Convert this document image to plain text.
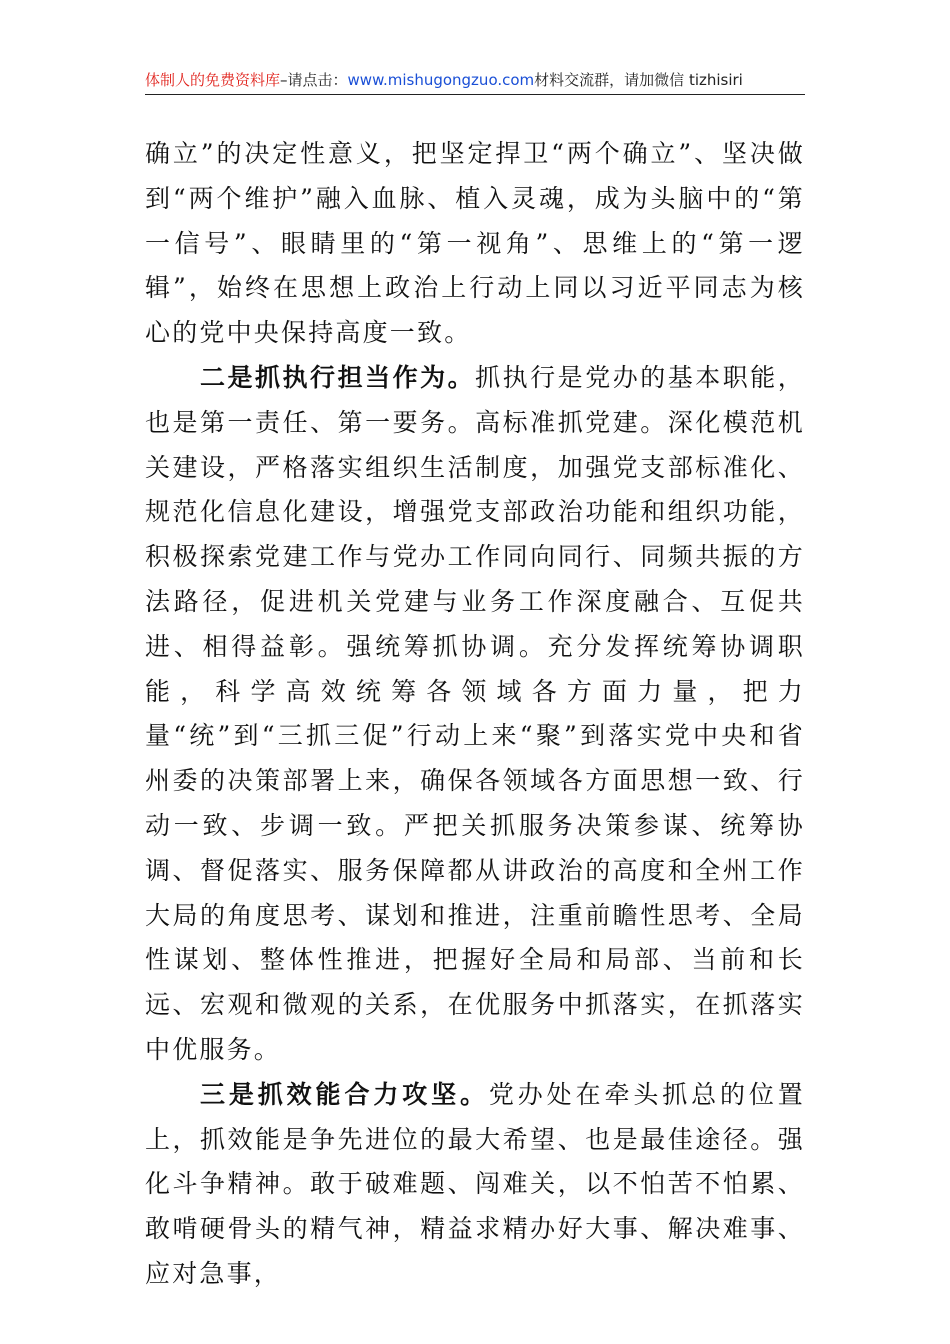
体制人的免费资料库–请点击：www.mishugongzuo.com材料交流群，请加微信 tizhisiri

确立”的决定性意义，把坚定捍卫“两个确立”、坚决做到“两个维护”融入血脉、植入灵魂，成为头脑中的“第一信号”、眼睛里的“第一视角”、思维上的“第一逻辑”，始终在思想上政治上行动上同以习近平同志为核心的党中央保持高度一致。

二是抓执行担当作为。抓执行是党办的基本职能，也是第一责任、第一要务。高标准抓党建。深化模范机关建设，严格落实组织生活制度，加强党支部标准化、规范化信息化建设，增强党支部政治功能和组织功能，积极探索党建工作与党办工作同向同行、同频共振的方法路径，促进机关党建与业务工作深度融合、互促共进、相得益彰。强统筹抓协调。充分发挥统筹协调职能，科学高效统筹各领域各方面力量，把力量“统”到“三抓三促”行动上来“聚”到落实党中央和省州委的决策部署上来，确保各领域各方面思想一致、行动一致、步调一致。严把关抓服务决策参谋、统筹协调、督促落实、服务保障都从讲政治的高度和全州工作大局的角度思考、谋划和推进，注重前瞻性思考、全局性谋划、整体性推进，把握好全局和局部、当前和长远、宏观和微观的关系，在优服务中抓落实，在抓落实中优服务。

三是抓效能合力攻坚。党办处在牵头抓总的位置上，抓效能是争先进位的最大希望、也是最佳途径。强化斗争精神。敢于破难题、闯难关，以不怕苦不怕累、敢啃硬骨头的精气神，精益求精办好大事、解决难事、应对急事，
